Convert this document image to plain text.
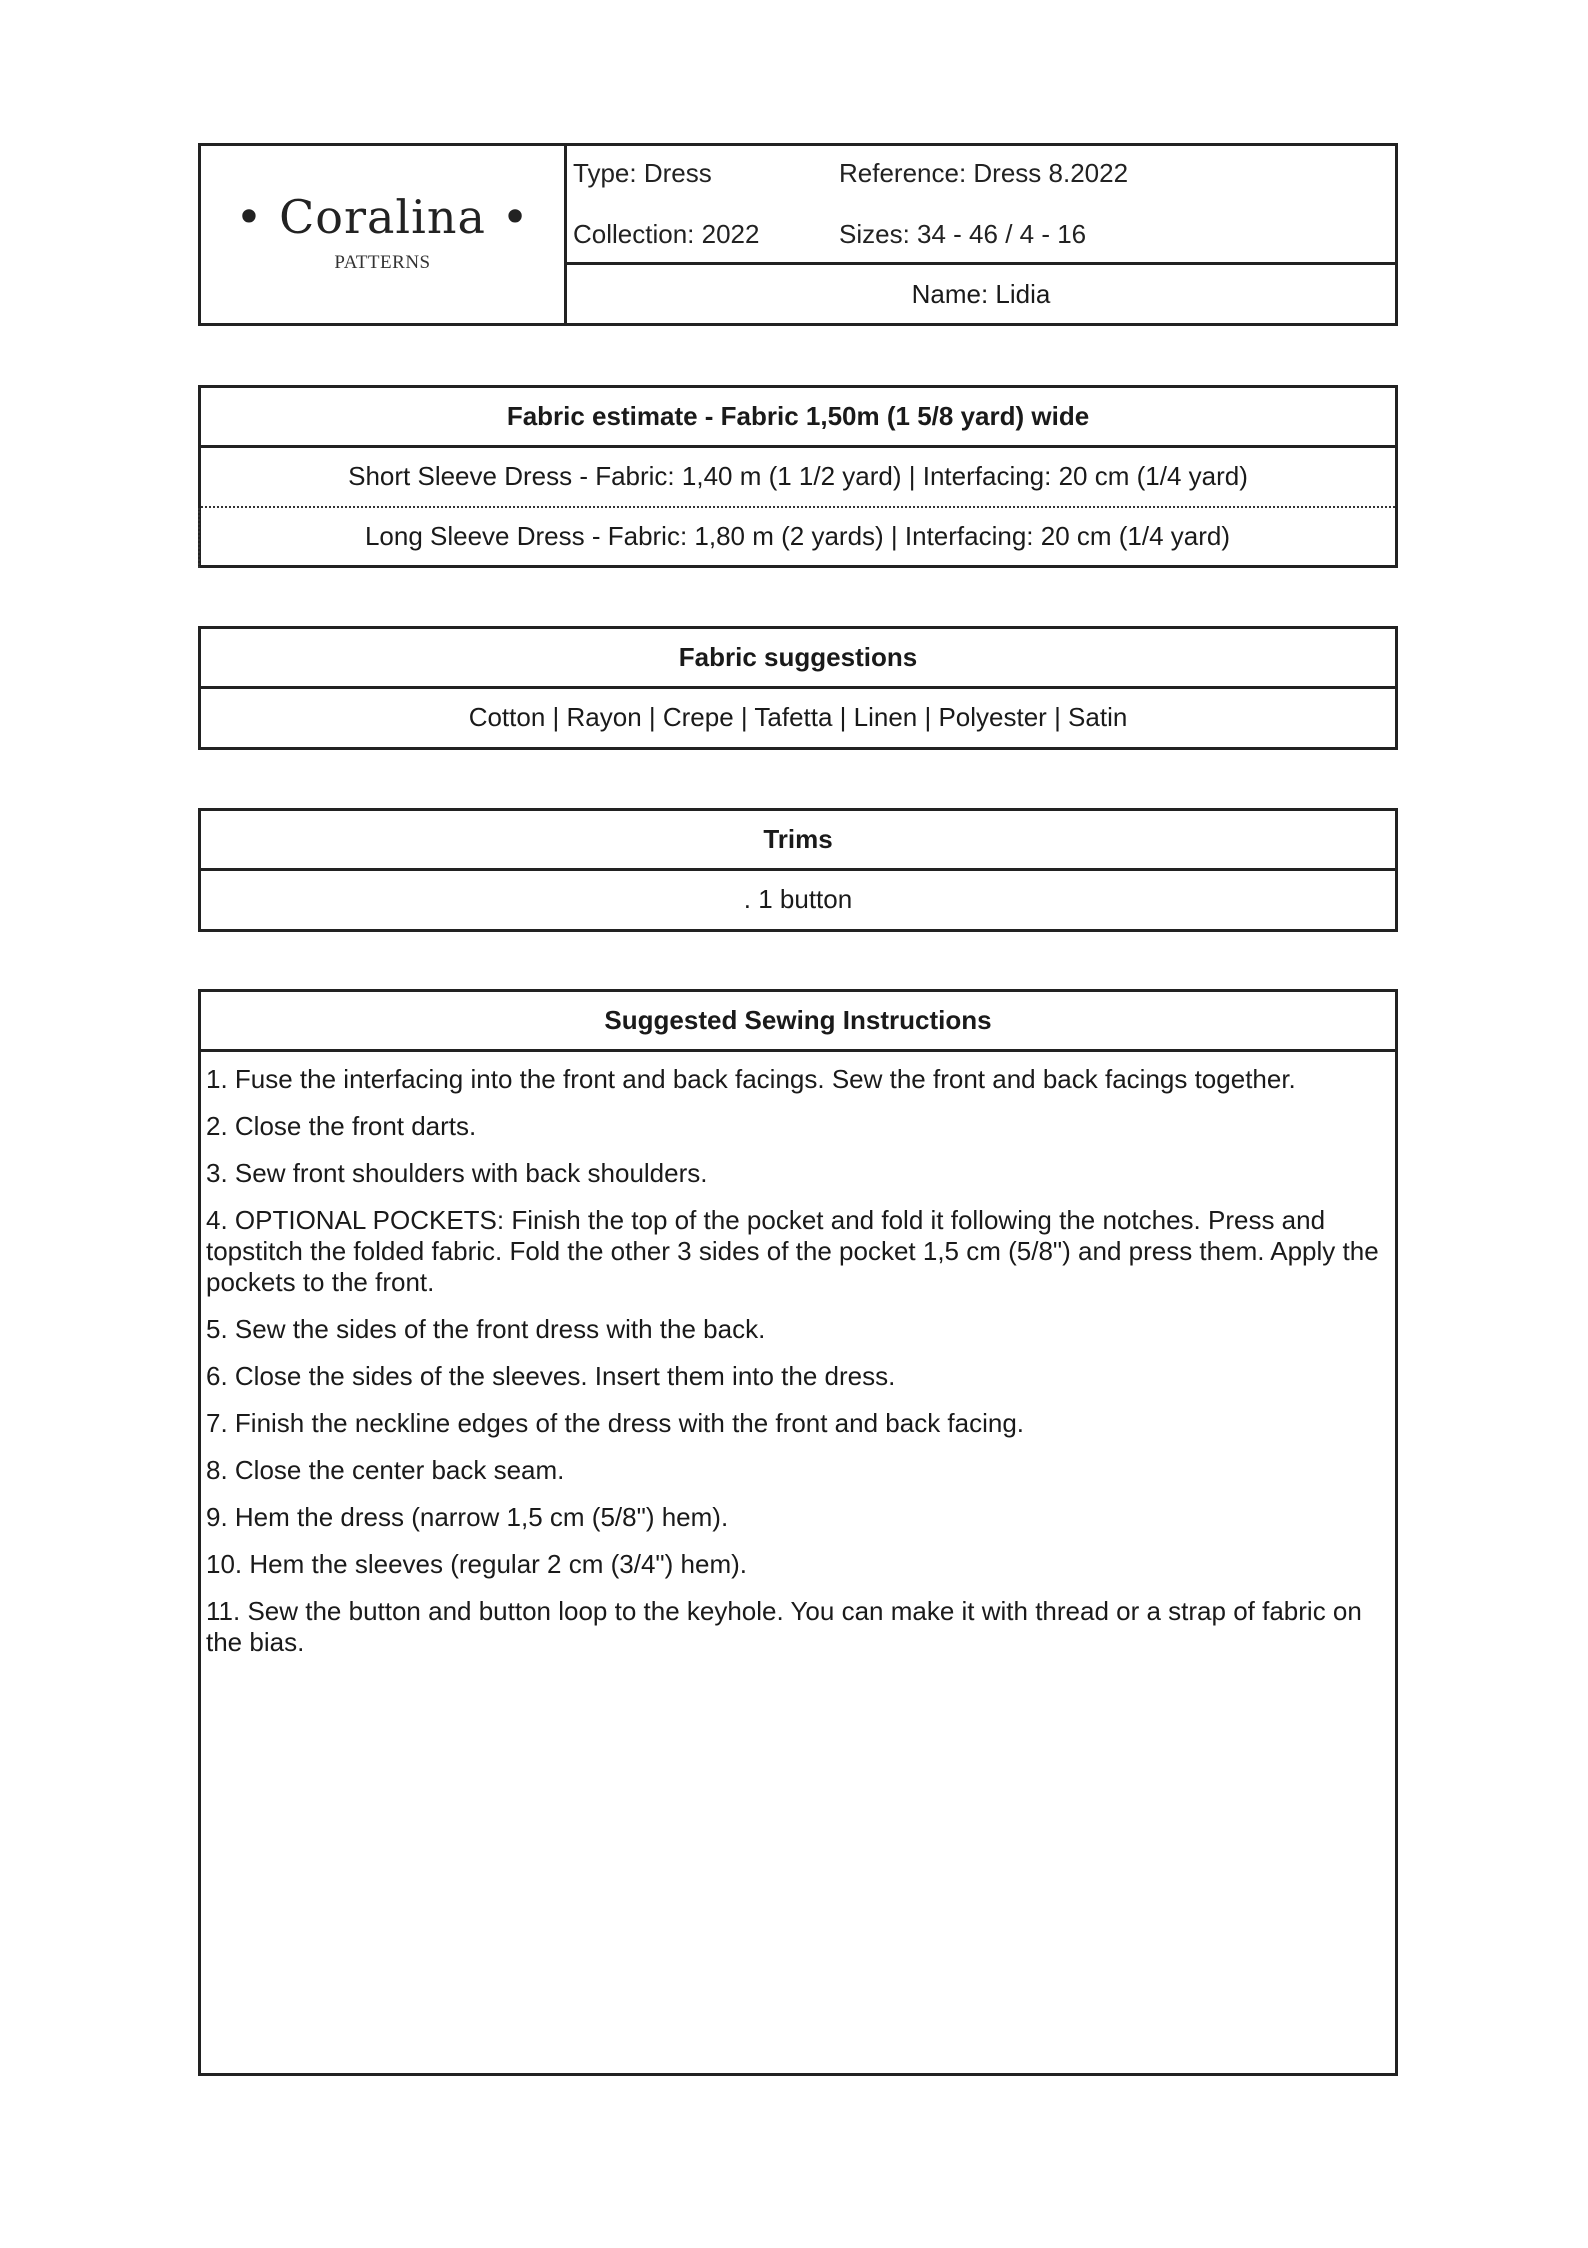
• Coralina •
PATTERNS
Type: Dress	Reference: Dress 8.2022
Collection: 2022	Sizes: 34 - 46 / 4 - 16
Name: Lidia
Fabric estimate - Fabric 1,50m (1 5/8 yard) wide
Short Sleeve Dress - Fabric: 1,40 m (1 1/2 yard) | Interfacing: 20 cm (1/4 yard)
Long Sleeve Dress - Fabric: 1,80 m (2 yards) | Interfacing: 20 cm (1/4 yard)
Fabric suggestions
Cotton | Rayon | Crepe | Tafetta | Linen | Polyester | Satin
Trims
. 1 button
Suggested Sewing Instructions
1. Fuse the interfacing into the front and back facings. Sew the front and back facings together.
2. Close the front darts.
3. Sew front shoulders with back shoulders.
4. OPTIONAL POCKETS: Finish the top of the pocket and fold it following the notches. Press and topstitch the folded fabric. Fold the other 3 sides of the pocket 1,5 cm (5/8") and press them. Apply the pockets to the front.
5. Sew the sides of the front dress with the back.
6. Close the sides of the sleeves. Insert them into the dress.
7. Finish the neckline edges of the dress with the front and back facing.
8. Close the center back seam.
9. Hem the dress (narrow 1,5 cm (5/8") hem).
10. Hem the sleeves (regular 2 cm (3/4") hem).
11. Sew the button and button loop to the keyhole. You can make it with thread or a strap of fabric on the bias.
